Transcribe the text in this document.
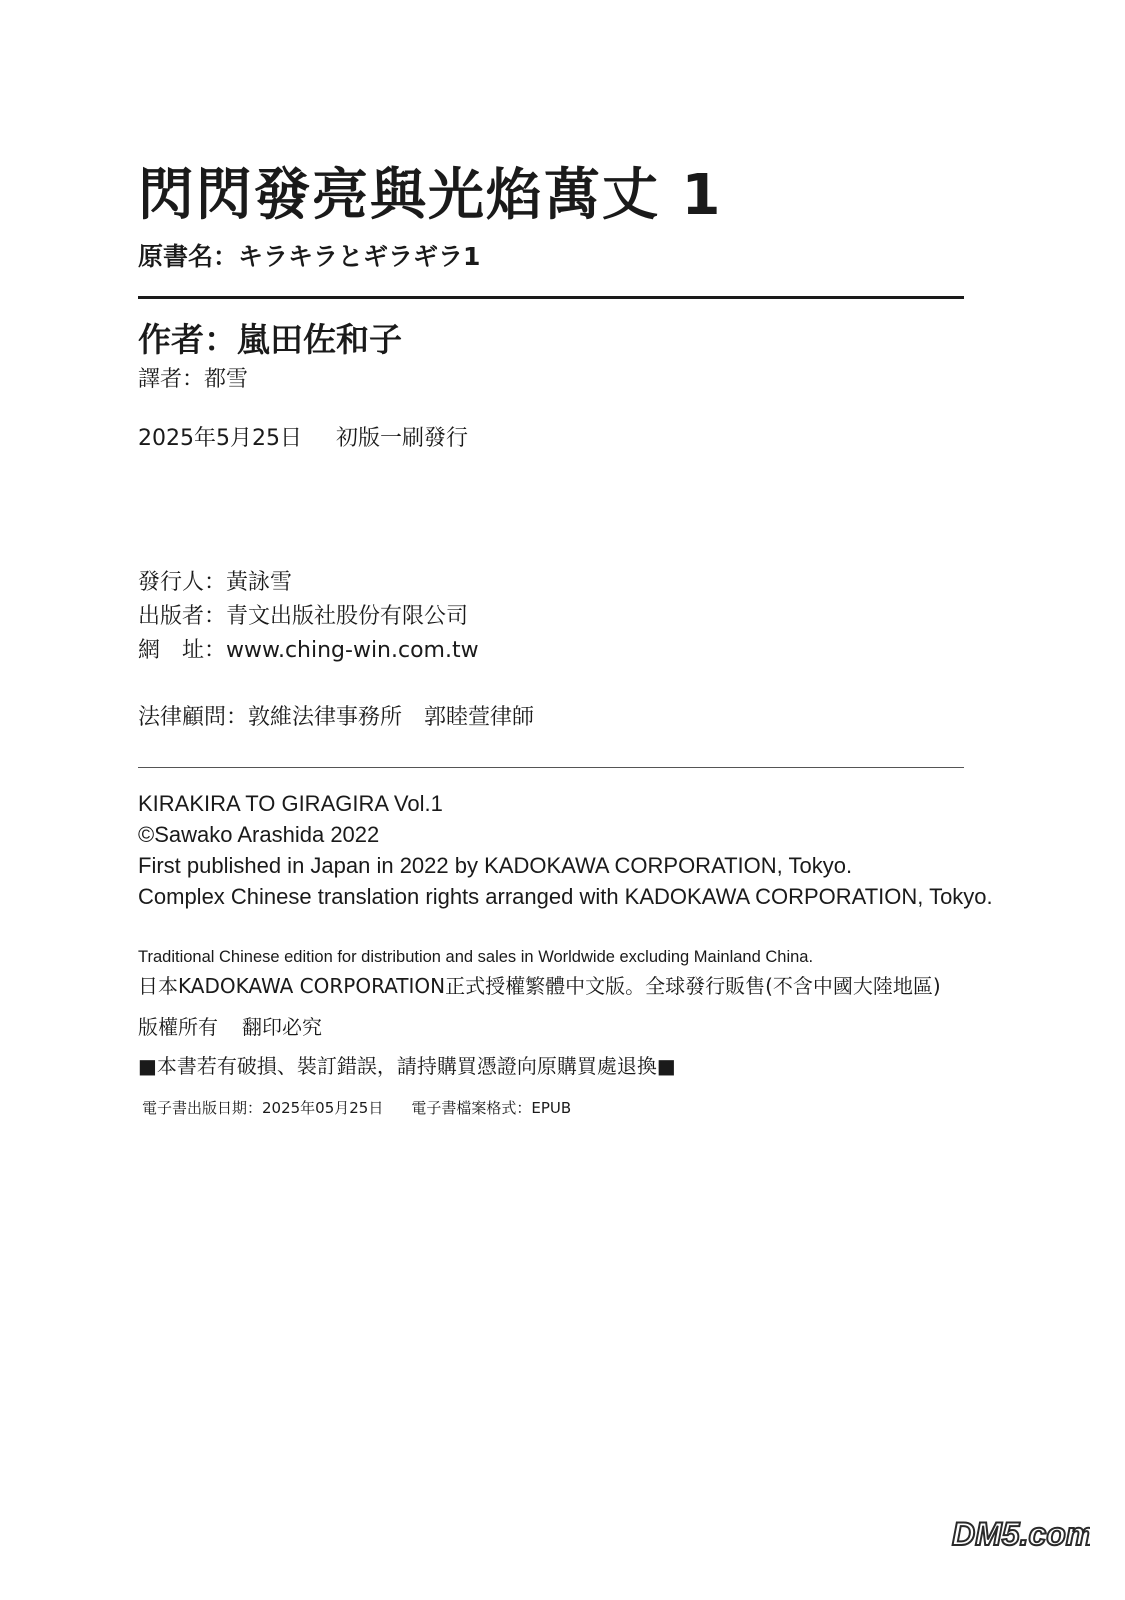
閃閃發亮與光焰萬丈 1
原書名：キラキラとギラギラ1
作者：嵐田佐和子
譯者：都雪
2025年5月25日 初版一刷發行
發行人：黃詠雪
出版者：青文出版社股份有限公司
網　址：www.ching-win.com.tw
法律顧問：敦維法律事務所　郭睦萱律師
KIRAKIRA TO GIRAGIRA Vol.1
©Sawako Arashida 2022
First published in Japan in 2022 by KADOKAWA CORPORATION, Tokyo.
Complex Chinese translation rights arranged with KADOKAWA CORPORATION, Tokyo.
Traditional Chinese edition for distribution and sales in Worldwide excluding Mainland China.
日本KADOKAWA CORPORATION正式授權繁體中文版。全球發行販售(不含中國大陸地區)
版權所有 翻印必究
■本書若有破損、裝訂錯誤，請持購買憑證向原購買處退換■
電子書出版日期：2025年05月25日 電子書檔案格式：EPUB
DM5.com
